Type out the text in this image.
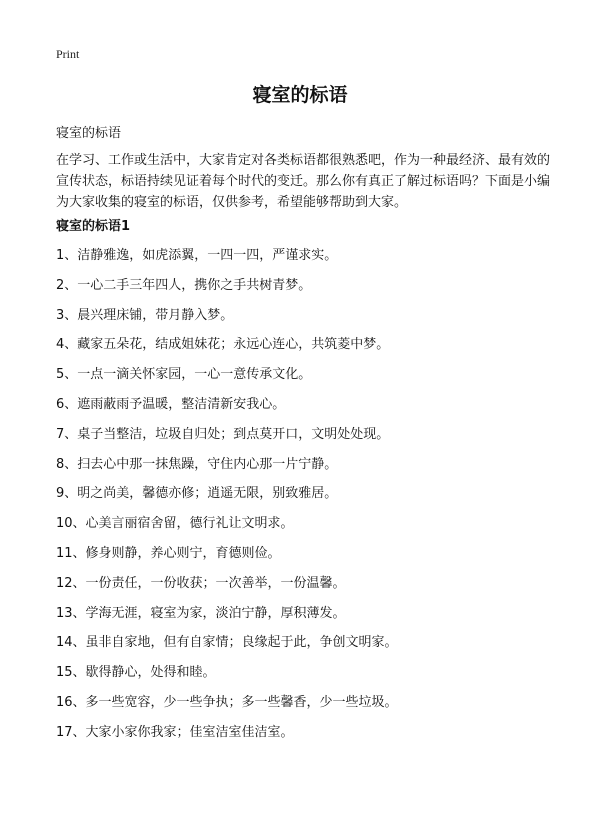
Print
寝室的标语

寝室的标语

在学习、工作或生活中，大家肯定对各类标语都很熟悉吧，作为一种最经济、最有效的宣传状态，标语持续见证着每个时代的变迁。那么你有真正了解过标语吗？下面是小编为大家收集的寝室的标语，仅供参考，希望能够帮助到大家。

寝室的标语1
1、洁静雅逸，如虎添翼，一四一四，严谨求实。
2、一心二手三年四人，携你之手共树青梦。
3、晨兴理床铺，带月静入梦。
4、藏家五朵花，结成姐妹花；永远心连心，共筑菱中梦。
5、一点一滴关怀家园，一心一意传承文化。
6、遮雨蔽雨予温暖，整洁清新安我心。
7、桌子当整洁，垃圾自归处；到点莫开口，文明处处现。
8、扫去心中那一抹焦躁，守住内心那一片宁静。
9、明之尚美，馨德亦修；逍遥无限，别致雅居。
10、心美言丽宿舍留，德行礼让文明求。
11、修身则静，养心则宁，育德则俭。
12、一份责任，一份收获；一次善举，一份温馨。
13、学海无涯，寝室为家，淡泊宁静，厚积薄发。
14、虽非自家地，但有自家情；良缘起于此，争创文明家。
15、歇得静心，处得和睦。
16、多一些宽容，少一些争执；多一些馨香，少一些垃圾。
17、大家小家你我家；佳室洁室佳洁室。
